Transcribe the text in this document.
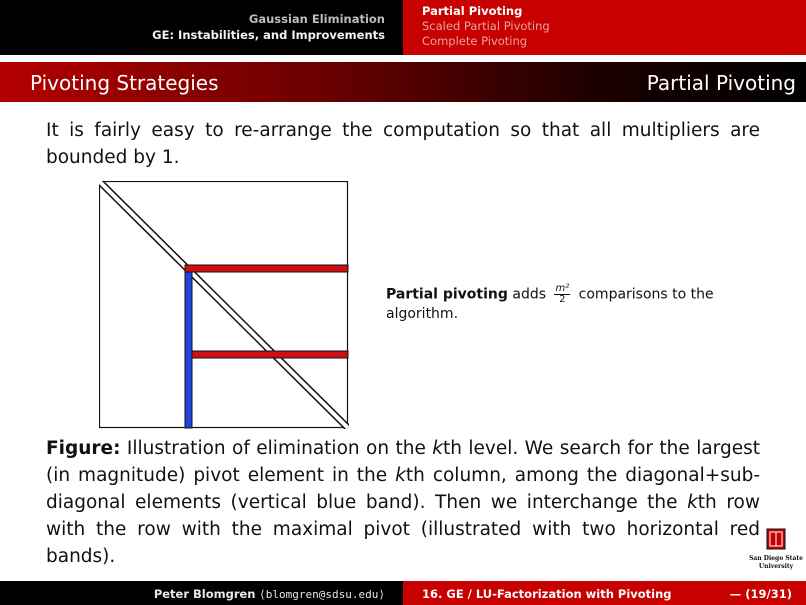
Gaussian Elimination
GE: Instabilities, and Improvements
Partial Pivoting
Scaled Partial Pivoting
Complete Pivoting
Pivoting Strategies	Partial Pivoting
It is fairly easy to re-arrange the computation so that all multipliers are bounded by 1.
Partial pivoting adds $\frac{\text{m²}}{2}$ comparisons to the algorithm.
Figure: Illustration of elimination on the kth level. We search for the largest (in magnitude) pivot element in the kth column, among the diagonal+sub-diagonal elements (vertical blue band). Then we interchange the kth row with the row with the maximal pivot (illustrated with two horizontal red bands).	San Diego State
University
Peter Blomgren ⟨blomgren@sdsu.edu⟩	16. GE / LU-Factorization with Pivoting	— (19/31)
